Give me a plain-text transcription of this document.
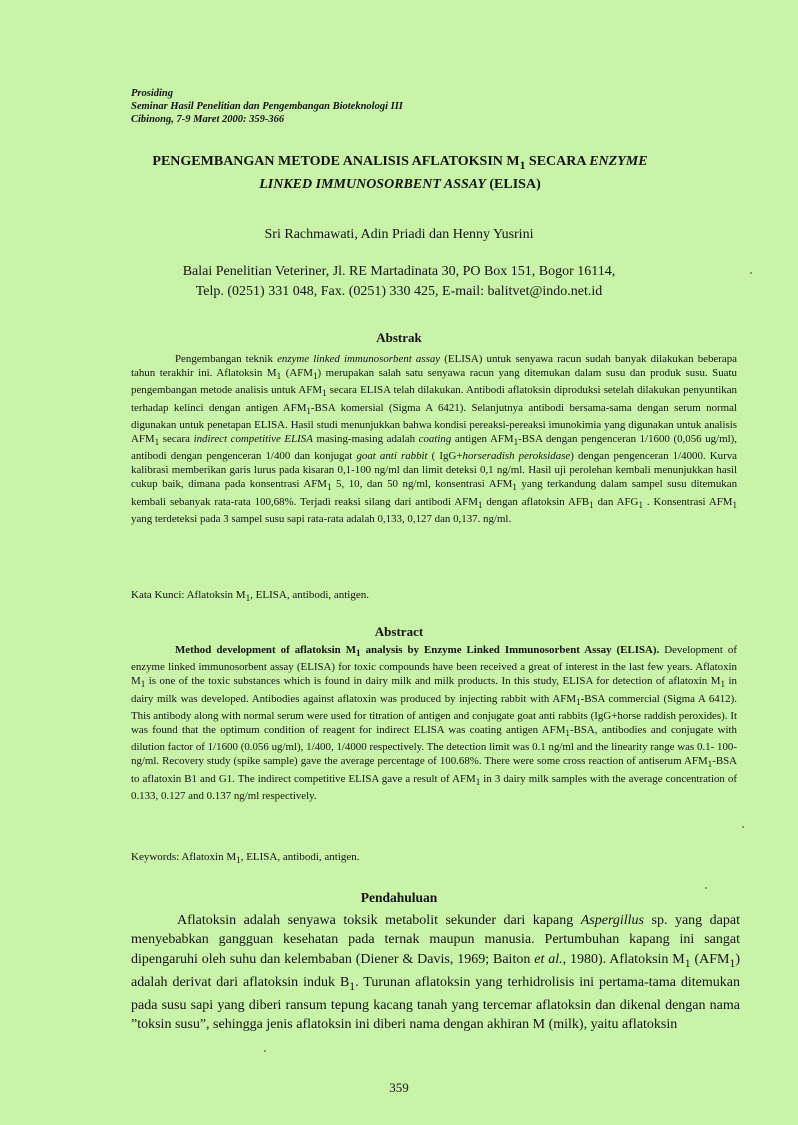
Prosiding
Seminar Hasil Penelitian dan Pengembangan Bioteknologi III
Cibinong, 7-9 Maret 2000: 359-366
PENGEMBANGAN METODE ANALISIS AFLATOKSIN $M_1$ SECARA ENZYME
LINKED IMMUNOSORBENT ASSAY (ELISA)
Sri Rachmawati, Adin Priadi dan Henny Yusrini
Balai Penelitian Veteriner, Jl. RE Martadinata 30, PO Box 151, Bogor 16114,
Telp. (0251) 331 048, Fax. (0251) 330 425, E-mail: balitvet@indo.net.id
Abstrak
Pengembangan teknik enzyme linked immunosorbent assay (ELISA) untuk senyawa racun sudah banyak dilakukan beberapa tahun terakhir ini. Aflatoksin $M_1$ $(AFM_1)$ merupakan salah satu senyawa racun yang ditemukan dalam susu dan produk susu. Suatu pengembangan metode analisis untuk $AFM_1$ secara ELISA telah dilakukan. Antibodi aflatoksin diproduksi setelah dilakukan penyuntikan terhadap kelinci dengan antigen $AFM_1$-BSA komersial (Sigma A 6421). Selanjutnya antibodi bersama-sama dengan serum normal digunakan untuk penetapan ELISA. Hasil studi menunjukkan bahwa kondisi pereaksi-pereaksi imunokimia yang digunakan untuk analisis $AFM_1$ secara indirect competitive ELISA masing-masing adalah coating antigen $AFM_1$-BSA dengan pengenceran 1/1600 (0,056 ug/ml), antibodi dengan pengenceran 1/400 dan konjugat goat anti rabbit ( IgG+horseradish peroksidase) dengan pengenceran 1/4000. Kurva kalibrasi memberikan garis lurus pada kisaran 0,1-100 ng/ml dan limit deteksi 0,1 ng/ml. Hasil uji perolehan kembali menunjukkan hasil cukup baik, dimana pada konsentrasi $AFM_1$ 5, 10, dan 50 ng/ml, konsentrasi $AFM_1$ yang terkandung dalam sampel susu ditemukan kembali sebanyak rata-rata 100,68%. Terjadi reaksi silang dari antibodi $AFM_1$ dengan aflatoksin $AFB_1$ dan $AFG_1$ . Konsentrasi $AFM_1$ yang terdeteksi pada 3 sampel susu sapi rata-rata adalah 0,133, 0,127 dan 0,137. ng/ml.
Kata Kunci: Aflatoksin $M_1$, ELISA, antibodi, antigen.
Abstract
Method development of aflatoksin $M_1$ analysis by Enzyme Linked Immunosorbent Assay (ELISA). Development of enzyme linked immunosorbent assay (ELISA) for toxic compounds have been received a great of interest in the last few years. Aflatoxin $M_1$ is one of the toxic substances which is found in dairy milk and milk products. In this study, ELISA for detection of aflatoxin $M_1$ in dairy milk was developed. Antibodies against aflatoxin was produced by injecting rabbit with $AFM_1$-BSA commercial (Sigma A 6412). This antibody along with normal serum were used for titration of antigen and conjugate goat anti rabbits (IgG+horse raddish peroxides). It was found that the optimum condition of reagent for indirect ELISA was coating antigen $AFM_1$-BSA, antibodies and conjugate with dilution factor of 1/1600 (0.056 ug/ml), 1/400, 1/4000 respectively. The detection limit was 0.1 ng/ml and the linearity range was 0.1- 100-ng/ml. Recovery study (spike sample) gave the average percentage of 100.68%. There were some cross reaction of antiserum $AFM_1$-BSA to aflatoxin B1 and G1. The indirect competitive ELISA gave a result of $AFM_1$ in 3 dairy milk samples with the average concentration of 0.133, 0.127 and 0.137 ng/ml respectively.
Keywords: Aflatoxin $M_1$, ELISA, antibodi, antigen.
Pendahuluan
Aflatoksin adalah senyawa toksik metabolit sekunder dari kapang Aspergillus sp. yang dapat menyebabkan gangguan kesehatan pada ternak maupun manusia. Pertumbuhan kapang ini sangat dipengaruhi oleh suhu dan kelembaban (Diener & Davis, 1969; Baiton et al., 1980). Aflatoksin $M_1$ $(AFM_1)$ adalah derivat dari aflatoksin induk $B_1$. Turunan aflatoksin yang terhidrolisis ini pertama-tama ditemukan pada susu sapi yang diberi ransum tepung kacang tanah yang tercemar aflatoksin dan dikenal dengan nama ”toksin susu”, sehingga jenis aflatoksin ini diberi nama dengan akhiran M (milk), yaitu aflatoksin
359
